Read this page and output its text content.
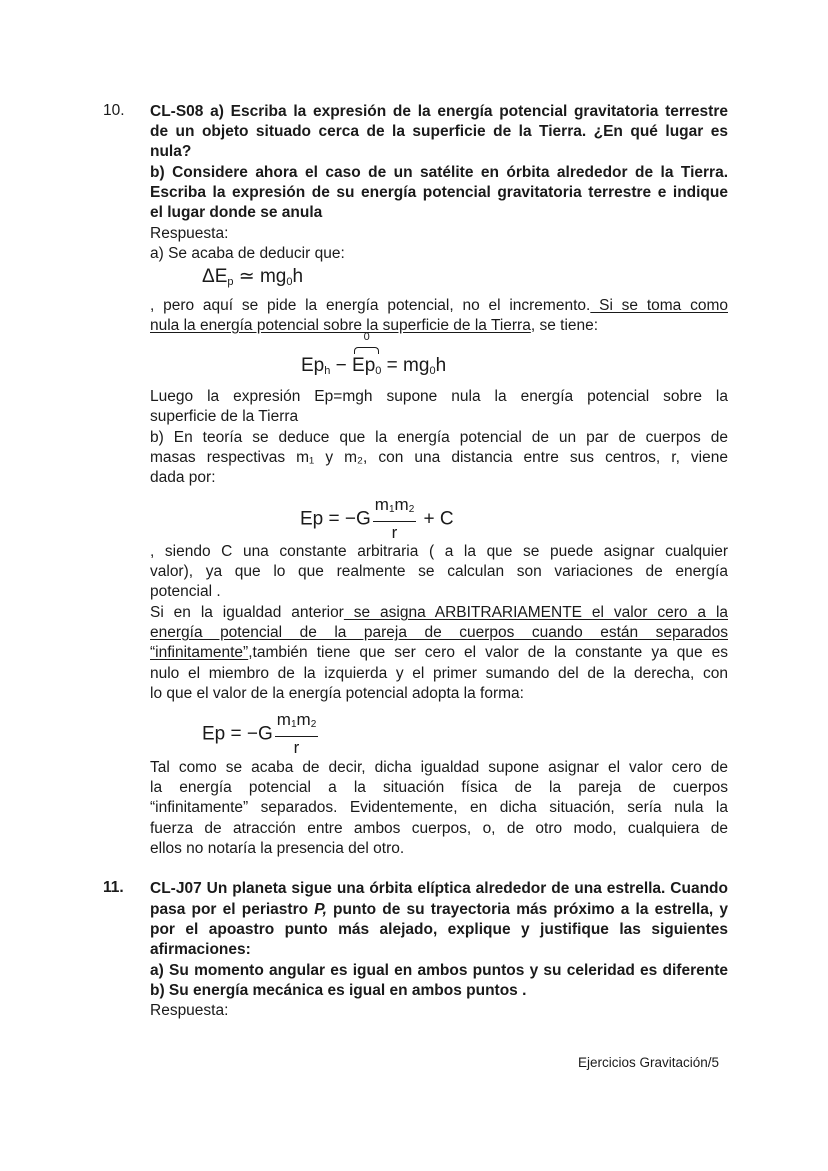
10. CL-S08 a) Escriba la expresión de la energía potencial gravitatoria terrestre
de un objeto situado cerca de la superficie de la Tierra. ¿En qué lugar es
nula?
b) Considere ahora el caso de un satélite en órbita alrededor de la Tierra.
Escriba la expresión de su energía potencial gravitatoria terrestre e indique
el lugar donde se anula
Respuesta:
a) Se acaba de deducir que:
$\Delta E_p$ ≃ $mg_0h$
, pero aquí se pide la energía potencial, no el incremento. Si se toma como
nula la energía potencial sobre la superficie de la Tierra, se tiene:
$Ep_h$ −
0
$Ep_0 = mg_0h$
Luego la expresión Ep=mgh supone nula la energía potencial sobre la
superficie de la Tierra
b) En teoría se deduce que la energía potencial de un par de cuerpos de
masas respectivas m₁ y m₂, con una distancia entre sus centros, r, viene
dada por:
$Ep = -G \frac{m_1m_2}{r} + C$
, siendo C una constante arbitraria ( a la que se puede asignar cualquier
valor), ya que lo que realmente se calculan son variaciones de energía
potencial .
Si en la igualdad anterior se asigna ARBITRARIAMENTE el valor cero a la
energía potencial de la pareja de cuerpos cuando están separados
“infinitamente”,también tiene que ser cero el valor de la constante ya que es
nulo el miembro de la izquierda y el primer sumando del de la derecha, con
lo que el valor de la energía potencial adopta la forma:
$Ep = -G \frac{m_1m_2}{r}$
Tal como se acaba de decir, dicha igualdad supone asignar el valor cero de
la energía potencial a la situación física de la pareja de cuerpos
“infinitamente” separados. Evidentemente, en dicha situación, sería nula la
fuerza de atracción entre ambos cuerpos, o, de otro modo, cualquiera de
ellos no notaría la presencia del otro.
11. CL-J07 Un planeta sigue una órbita elíptica alrededor de una estrella. Cuando
pasa por el periastro P, punto de su trayectoria más próximo a la estrella, y
por el apoastro punto más alejado, explique y justifique las siguientes
afirmaciones:
a) Su momento angular es igual en ambos puntos y su celeridad es diferente
b) Su energía mecánica es igual en ambos puntos .
Respuesta:
Ejercicios Gravitación/5
